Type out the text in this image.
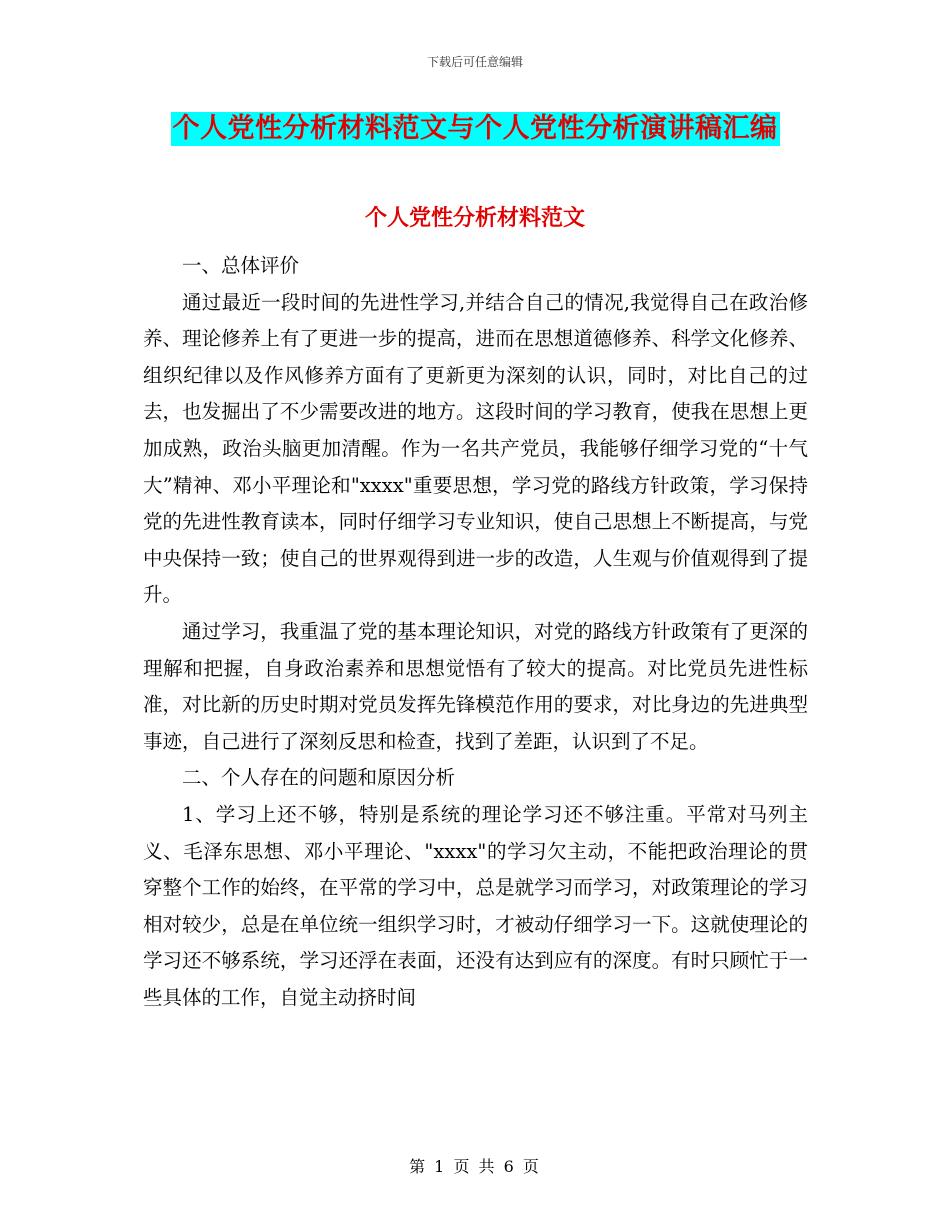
下载后可任意编辑
个人党性分析材料范文与个人党性分析演讲稿汇编
个人党性分析材料范文

一、总体评价

通过最近一段时间的先进性学习,并结合自己的情况,我觉得自己在政治修养、理论修养上有了更进一步的提高，进而在思想道德修养、科学文化修养、组织纪律以及作风修养方面有了更新更为深刻的认识，同时，对比自己的过去，也发掘出了不少需要改进的地方。这段时间的学习教育，使我在思想上更加成熟，政治头脑更加清醒。作为一名共产党员，我能够仔细学习党的“十气大”精神、邓小平理论和"xxxx"重要思想，学习党的路线方针政策，学习保持党的先进性教育读本，同时仔细学习专业知识，使自己思想上不断提高，与党中央保持一致；使自己的世界观得到进一步的改造，人生观与价值观得到了提升。

通过学习，我重温了党的基本理论知识，对党的路线方针政策有了更深的理解和把握，自身政治素养和思想觉悟有了较大的提高。对比党员先进性标准，对比新的历史时期对党员发挥先锋模范作用的要求，对比身边的先进典型事迹，自己进行了深刻反思和检查，找到了差距，认识到了不足。

二、个人存在的问题和原因分析

1、学习上还不够，特别是系统的理论学习还不够注重。平常对马列主义、毛泽东思想、邓小平理论、"xxxx"的学习欠主动，不能把政治理论的贯穿整个工作的始终，在平常的学习中，总是就学习而学习，对政策理论的学习相对较少，总是在单位统一组织学习时，才被动仔细学习一下。这就使理论的学习还不够系统，学习还浮在表面，还没有达到应有的深度。有时只顾忙于一些具体的工作，自觉主动挤时间

第 1 页 共 6 页
